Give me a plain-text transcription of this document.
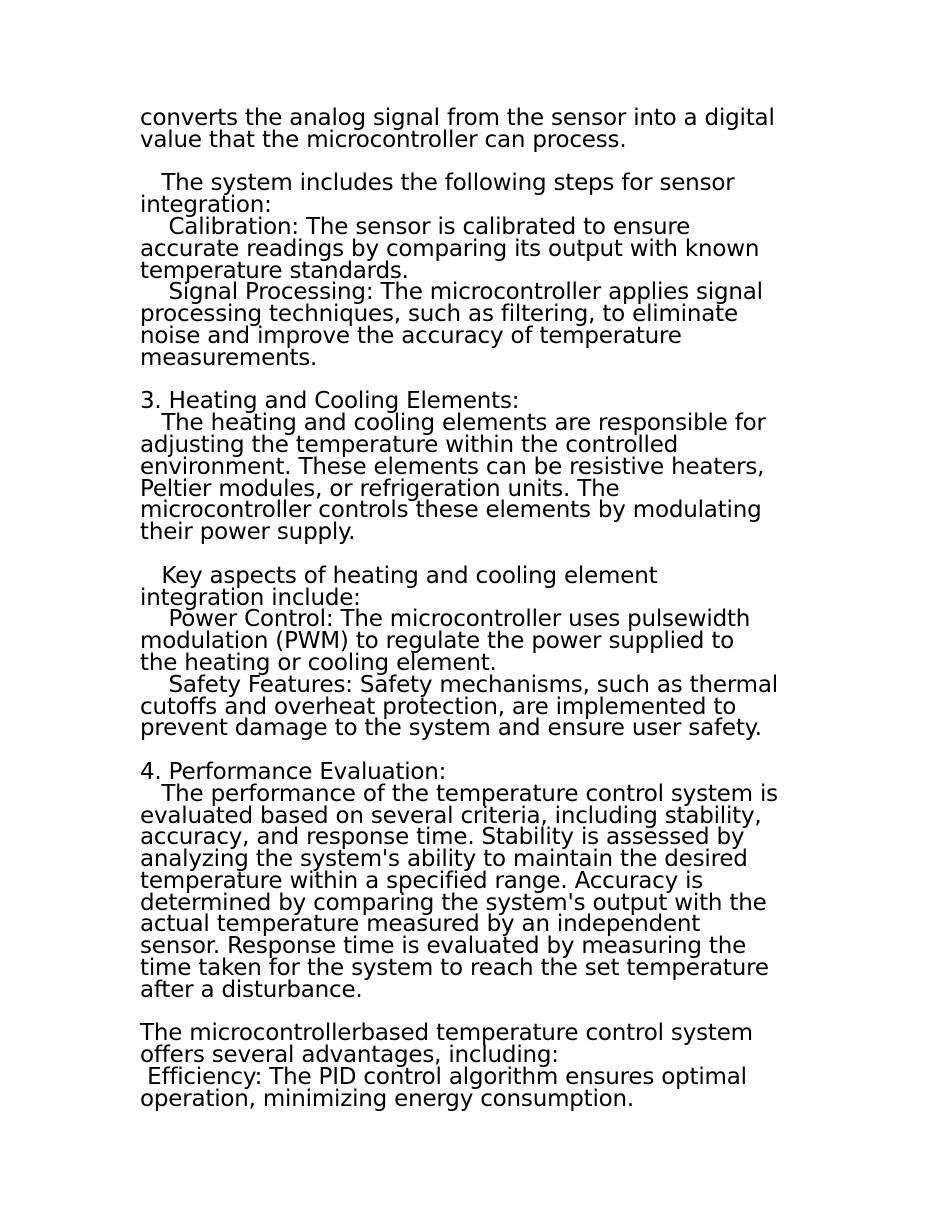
converts the analog signal from the sensor into a digital
value that the microcontroller can process.
The system includes the following steps for sensor
integration:
Calibration: The sensor is calibrated to ensure
accurate readings by comparing its output with known
temperature standards.
Signal Processing: The microcontroller applies signal
processing techniques, such as filtering, to eliminate
noise and improve the accuracy of temperature
measurements.
3. Heating and Cooling Elements:
The heating and cooling elements are responsible for
adjusting the temperature within the controlled
environment. These elements can be resistive heaters,
Peltier modules, or refrigeration units. The
microcontroller controls these elements by modulating
their power supply.
Key aspects of heating and cooling element
integration include:
Power Control: The microcontroller uses pulsewidth
modulation (PWM) to regulate the power supplied to
the heating or cooling element.
Safety Features: Safety mechanisms, such as thermal
cutoffs and overheat protection, are implemented to
prevent damage to the system and ensure user safety.
4. Performance Evaluation:
The performance of the temperature control system is
evaluated based on several criteria, including stability,
accuracy, and response time. Stability is assessed by
analyzing the system's ability to maintain the desired
temperature within a specified range. Accuracy is
determined by comparing the system's output with the
actual temperature measured by an independent
sensor. Response time is evaluated by measuring the
time taken for the system to reach the set temperature
after a disturbance.
The microcontrollerbased temperature control system
offers several advantages, including:
Efficiency: The PID control algorithm ensures optimal
operation, minimizing energy consumption.
